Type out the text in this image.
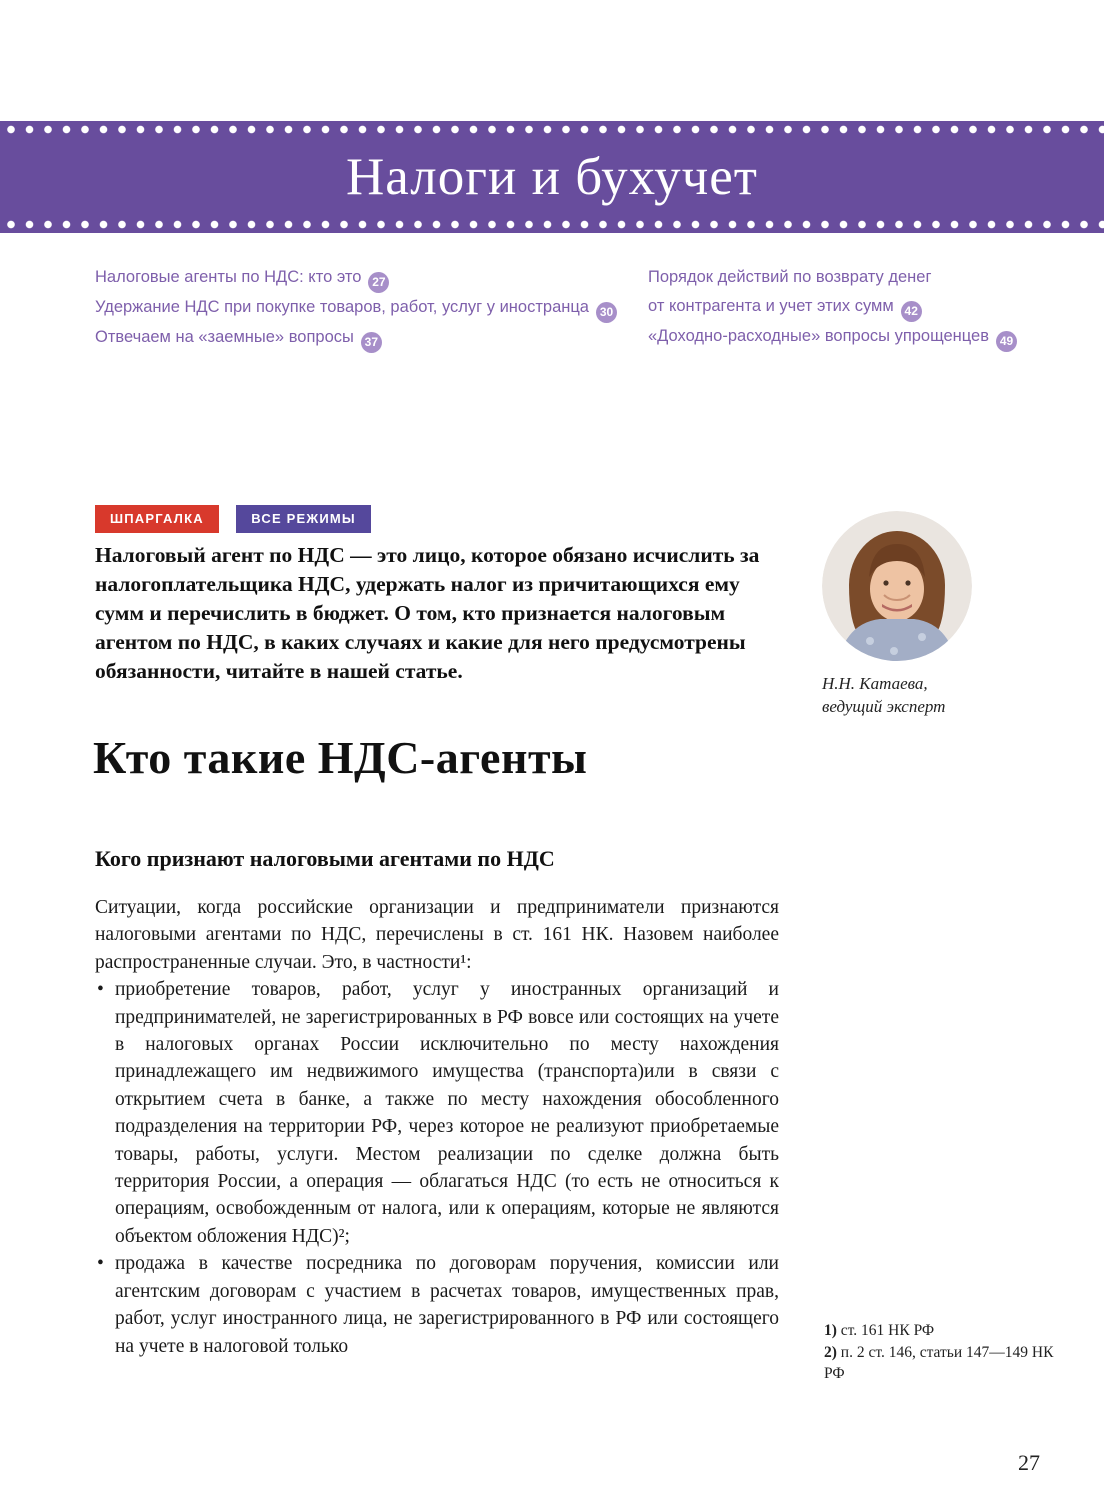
Налоги и бухучет
Налоговые агенты по НДС: кто это 27
Удержание НДС при покупке товаров, работ, услуг у иностранца 30
Отвечаем на «заемные» вопросы 37
Порядок действий по возврату денег от контрагента и учет этих сумм 42
«Доходно-расходные» вопросы упрощенцев 49
ШПАРГАЛКА	ВСЕ РЕЖИМЫ
Налоговый агент по НДС — это лицо, которое обязано исчислить за налогоплательщика НДС, удержать налог из причитающихся ему сумм и перечислить в бюджет. О том, кто признается налоговым агентом по НДС, в каких случаях и какие для него предусмотрены обязанности, читайте в нашей статье.
Н.Н. Катаева,
ведущий эксперт
Кто такие НДС-агенты
Кого признают налоговыми агентами по НДС

Ситуации, когда российские организации и предприниматели признаются налоговыми агентами по НДС, перечислены в ст. 161 НК. Назовем наиболее распространенные случаи. Это, в частности¹:

• приобретение товаров, работ, услуг у иностранных организаций и предпринимателей, не зарегистрированных в РФ вовсе или состоящих на учете в налоговых органах России исключительно по месту нахождения принадлежащего им недвижимого имущества (транспорта)или в связи с открытием счета в банке, а также по месту нахождения обособленного подразделения на территории РФ, через которое не реализуют приобретаемые товары, работы, услуги. Местом реализации по сделке должна быть территория России, а операция — облагаться НДС (то есть не относиться к операциям, освобожденным от налога, или к операциям, которые не являются объектом обложения НДС)²;
• продажа в качестве посредника по договорам поручения, комиссии или агентским договорам с участием в расчетах товаров, имущественных прав, работ, услуг иностранного лица, не зарегистрированного в РФ или состоящего на учете в налоговой только
1) ст. 161 НК РФ
2) п. 2 ст. 146, статьи 147—149 НК РФ
27
